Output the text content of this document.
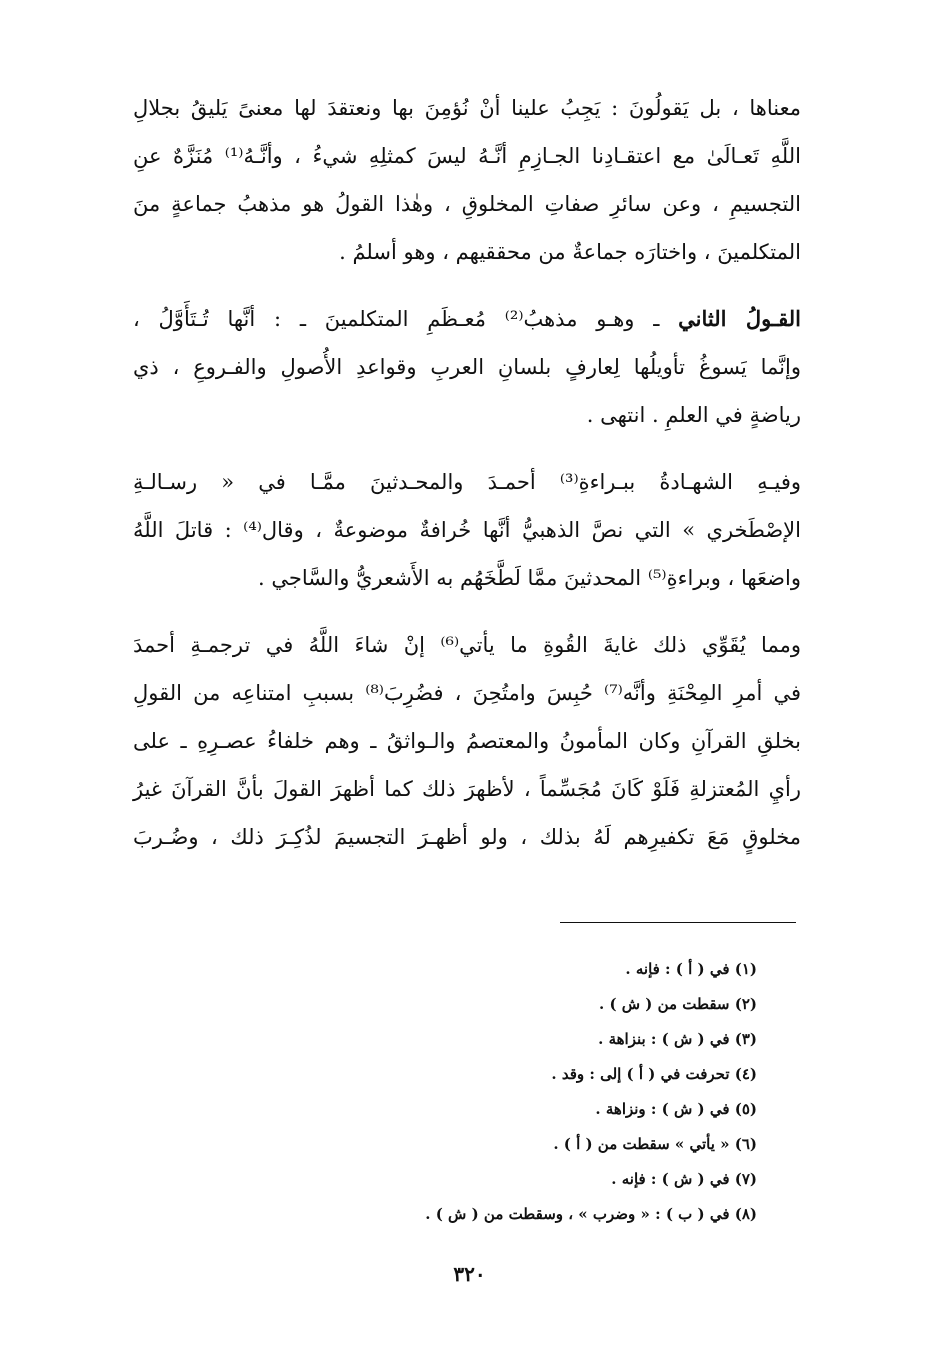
معناها ، بل يَقولُونَ : يَجِبُ علينا أنْ نُؤمِنَ بها ونعتقدَ لها معنىً يَليقُ بجلالِ
اللَّهِ تَعـالَىٰ مع اعتقـادِنا الجـازِمِ أنَّـهُ ليسَ كمثلِهِ شيءُ ، وأنَّـهُ⁽¹⁾ مُنَزَّهٌ عنِ
التجسيمِ ، وعن سائرِ صفاتِ المخلوقِ ، وهٰذا القولُ هو مذهبُ جماعةٍ منَ
المتكلمينَ ، واختارَه جماعةٌ من محققيهم ، وهو أسلمُ .
القـولُ الثاني ـ وهـو مذهبُ⁽²⁾ مُعـظَمِ المتكلمينَ ـ : أنَّها تُـتَأَوَّلُ ،
وإنَّما يَسوغُ تأويلُها لِعارفٍ بلسانِ العربِ وقواعدِ الأُصولِ والفـروعِ ، ذي
رياضةٍ في العلمِ . انتهى .
وفيـهِ الشهـادةُ ببـراءةِ⁽³⁾ أحمـدَ والمحـدثينَ ممَّـا في « رسـالـةِ
الإصْطَخري » التي نصَّ الذهبيُّ أنَّها خُرافةٌ موضوعةٌ ، وقال⁽⁴⁾ : قاتلَ اللَّهُ
واضعَها ، وبراءةِ⁽⁵⁾ المحدثينَ ممَّا لَطَّخَهُم به الأَشعريُّ والسَّاجي .
ومما يُقَوِّي ذلك غايةَ القُوةِ ما يأتي⁽⁶⁾ إنْ شاءَ اللَّهُ في ترجمـةِ أحمدَ
في أمرِ المِحْنَةِ وأنَّه⁽⁷⁾ حُبِسَ وامتُحِنَ ، فضُرِبَ⁽⁸⁾ بسببِ امتناعِه من القولِ
بخلقِ القرآنِ وكان المأمونُ والمعتصمُ والـواثقُ ـ وهم خلفاءُ عصـرِهِ ـ على
رأيِ المُعتزلةِ فَلَوْ كَانَ مُجَسِّماً ، لأظهرَ ذلك كما أظهرَ القولَ بأنَّ القرآنَ غيرُ
مخلوقٍ مَعَ تكفيرِهم لَهُ بذلك ، ولو أظهـرَ التجسيمَ لذُكِـرَ ذلك ، وضُـربَ
(١) في ( أ ) : فإنه .
(٢) سقطت من ( ش ) .
(٣) في ( ش ) : بنزاهة .
(٤) تحرفت في ( أ ) إلى : وقد .
(٥) في ( ش ) : ونزاهة .
(٦) « يأتي » سقطت من ( أ ) .
(٧) في ( ش ) : فإنه .
(٨) في ( ب ) : « وضرب » ، وسقطت من ( ش ) .
٣٢٠
